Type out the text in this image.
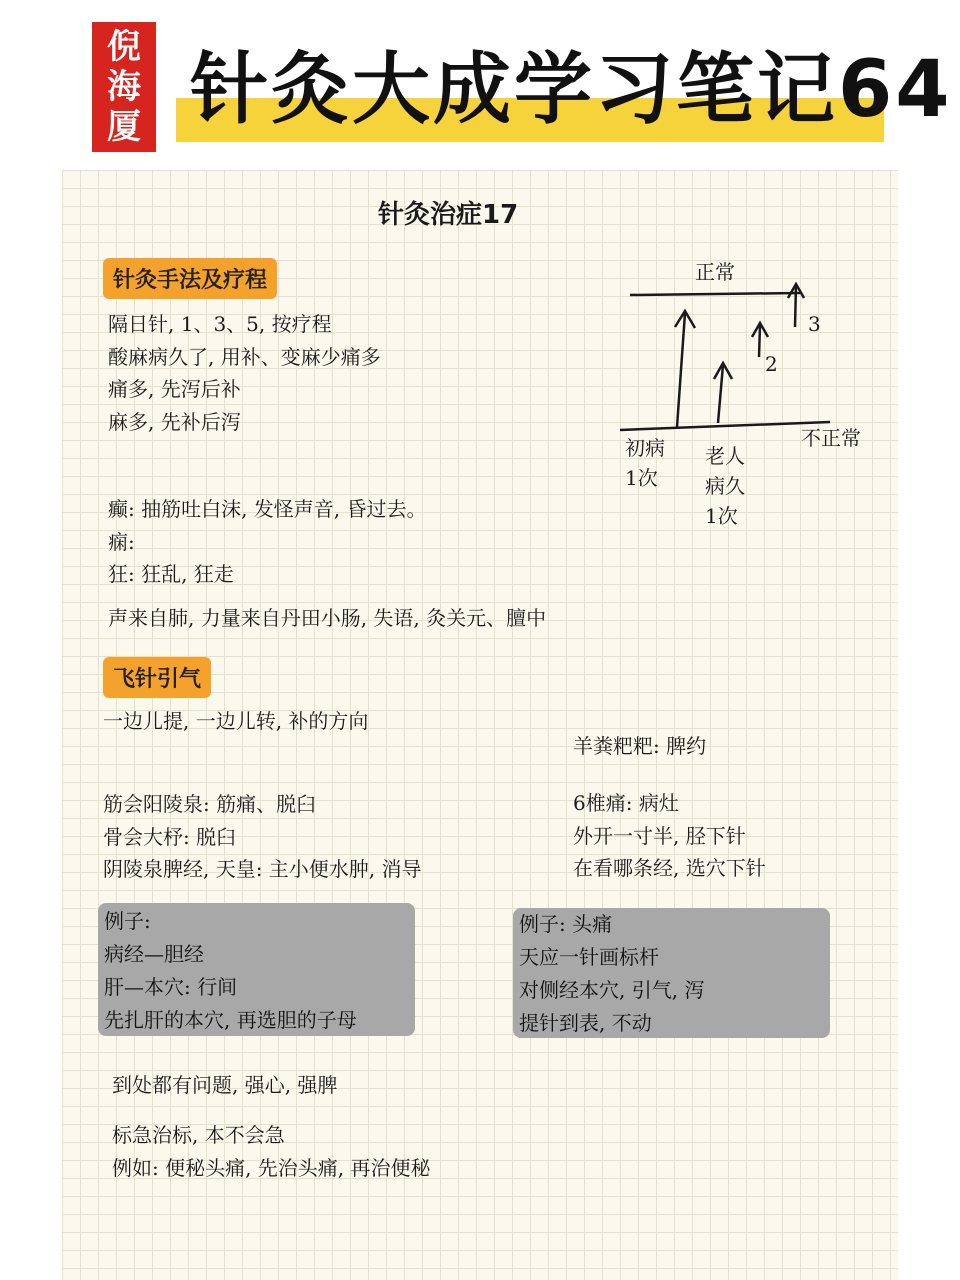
倪
海
厦 针灸大成学习笔记64
针灸治症17
针灸手法及疗程
隔日针, 1、3、5, 按疗程
酸麻病久了, 用补、变麻少痛多
痛多, 先泻后补
麻多, 先补后泻
正常
不正常
2
3
初病
1次
老人
病久
1次
癫: 抽筋吐白沫, 发怪声音, 昏过去。
痫:
狂: 狂乱, 狂走
声来自肺, 力量来自丹田小肠, 失语, 灸关元、膻中
飞针引气
一边儿提, 一边儿转, 补的方向
羊粪粑粑: 脾约
筋会阳陵泉: 筋痛、脱臼
骨会大杼: 脱臼
阴陵泉脾经, 天皇: 主小便水肿, 消导
6椎痛: 病灶
外开一寸半, 胫下针
在看哪条经, 选穴下针
例子:
病经—胆经
肝—本穴: 行间
先扎肝的本穴, 再选胆的子母
例子: 头痛
天应一针画标杆
对侧经本穴, 引气, 泻
提针到表, 不动
到处都有问题, 强心, 强脾
标急治标, 本不会急
例如: 便秘头痛, 先治头痛, 再治便秘
